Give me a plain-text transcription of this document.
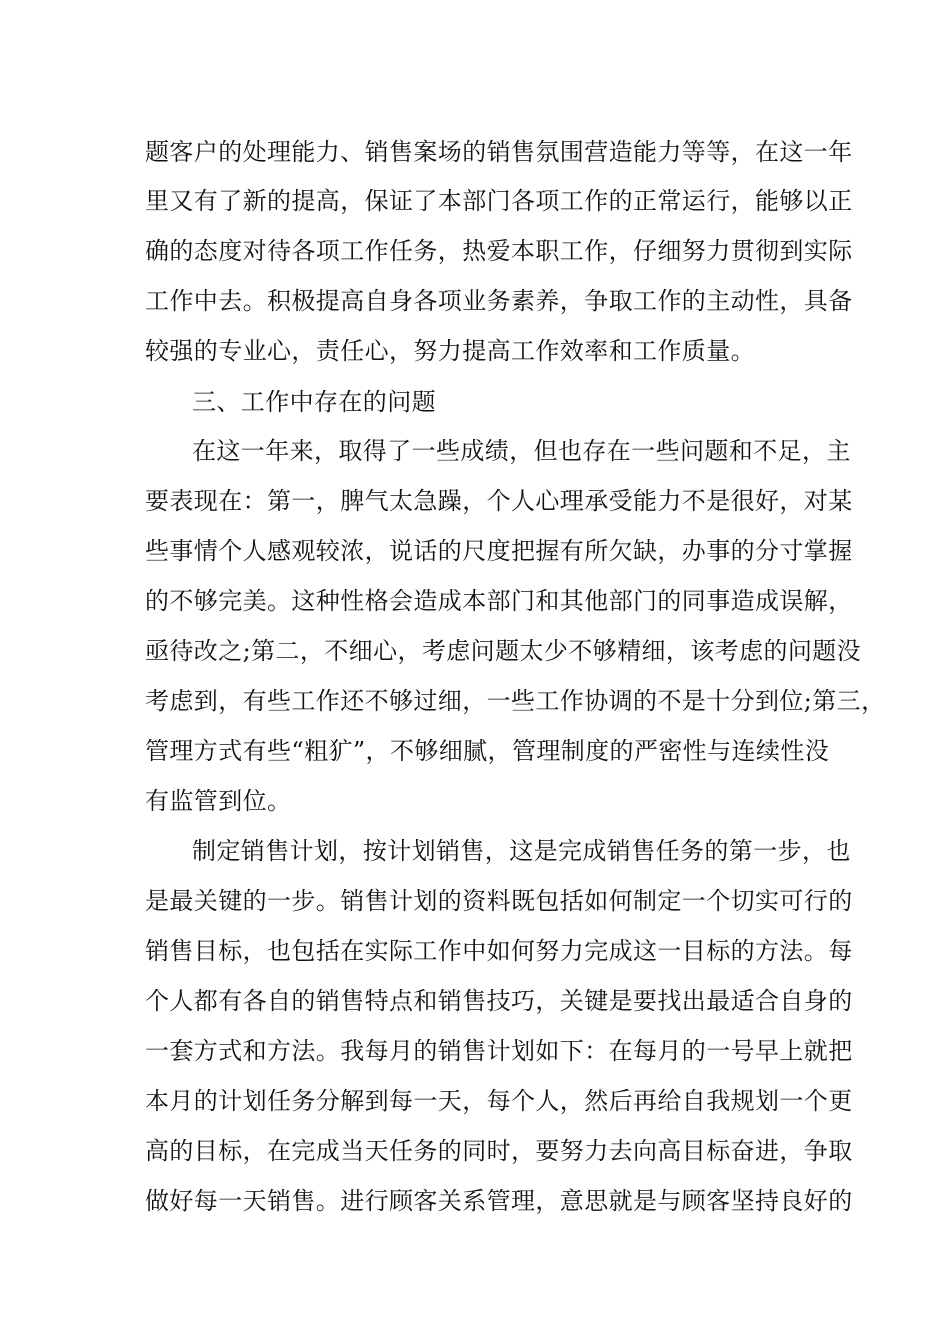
题客户的处理能力、销售案场的销售氛围营造能力等等，在这一年
里又有了新的提高，保证了本部门各项工作的正常运行，能够以正
确的态度对待各项工作任务，热爱本职工作，仔细努力贯彻到实际
工作中去。积极提高自身各项业务素养，争取工作的主动性，具备
较强的专业心，责任心，努力提高工作效率和工作质量。
三、工作中存在的问题
在这一年来，取得了一些成绩，但也存在一些问题和不足，主
要表现在：第一，脾气太急躁，个人心理承受能力不是很好，对某
些事情个人感观较浓，说话的尺度把握有所欠缺，办事的分寸掌握
的不够完美。这种性格会造成本部门和其他部门的同事造成误解，
亟待改之;第二，不细心，考虑问题太少不够精细，该考虑的问题没
考虑到，有些工作还不够过细，一些工作协调的不是十分到位;第三，
管理方式有些“粗犷”，不够细腻，管理制度的严密性与连续性没
有监管到位。
制定销售计划，按计划销售，这是完成销售任务的第一步，也
是最关键的一步。销售计划的资料既包括如何制定一个切实可行的
销售目标，也包括在实际工作中如何努力完成这一目标的方法。每
个人都有各自的销售特点和销售技巧，关键是要找出最适合自身的
一套方式和方法。我每月的销售计划如下：在每月的一号早上就把
本月的计划任务分解到每一天，每个人，然后再给自我规划一个更
高的目标，在完成当天任务的同时，要努力去向高目标奋进，争取
做好每一天销售。进行顾客关系管理，意思就是与顾客坚持良好的
